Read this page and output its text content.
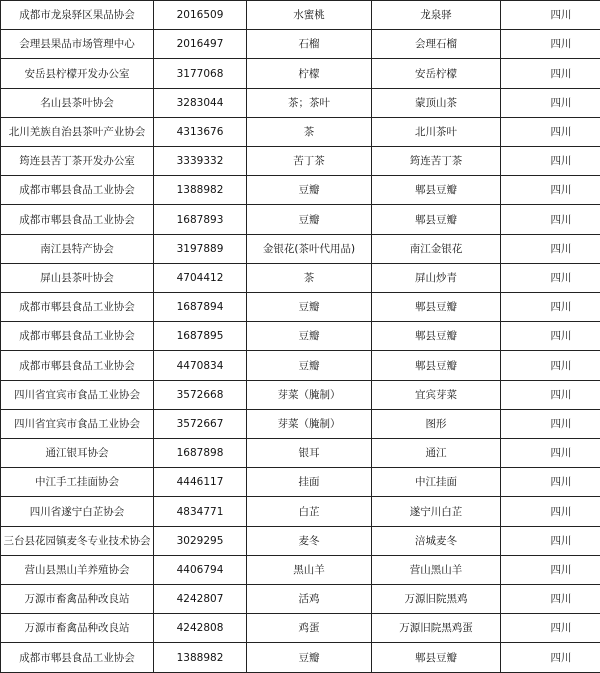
成都市龙泉驿区果品协会	2016509	水蜜桃	龙泉驿	四川
会理县果品市场管理中心	2016497	石榴	会理石榴	四川
安岳县柠檬开发办公室	3177068	柠檬	安岳柠檬	四川
名山县茶叶协会	3283044	茶；茶叶	蒙顶山茶	四川
北川羌族自治县茶叶产业协会	4313676	茶	北川茶叶	四川
筠连县苦丁茶开发办公室	3339332	苦丁茶	筠连苦丁茶	四川
成都市郫县食品工业协会	1388982	豆瓣	郫县豆瓣	四川
成都市郫县食品工业协会	1687893	豆瓣	郫县豆瓣	四川
南江县特产协会	3197889	金银花(茶叶代用品)	南江金银花	四川
屏山县茶叶协会	4704412	茶	屏山炒青	四川
成都市郫县食品工业协会	1687894	豆瓣	郫县豆瓣	四川
成都市郫县食品工业协会	1687895	豆瓣	郫县豆瓣	四川
成都市郫县食品工业协会	4470834	豆瓣	郫县豆瓣	四川
四川省宜宾市食品工业协会	3572668	芽菜（腌制）	宜宾芽菜	四川
四川省宜宾市食品工业协会	3572667	芽菜（腌制）	图形	四川
通江银耳协会	1687898	银耳	通江	四川
中江手工挂面协会	4446117	挂面	中江挂面	四川
四川省遂宁白芷协会	4834771	白芷	遂宁川白芷	四川
三台县花园镇麦冬专业技术协会	3029295	麦冬	涪城麦冬	四川
营山县黑山羊养殖协会	4406794	黑山羊	营山黑山羊	四川
万源市畜禽品种改良站	4242807	活鸡	万源旧院黑鸡	四川
万源市畜禽品种改良站	4242808	鸡蛋	万源旧院黑鸡蛋	四川
成都市郫县食品工业协会	1388982	豆瓣	郫县豆瓣	四川
